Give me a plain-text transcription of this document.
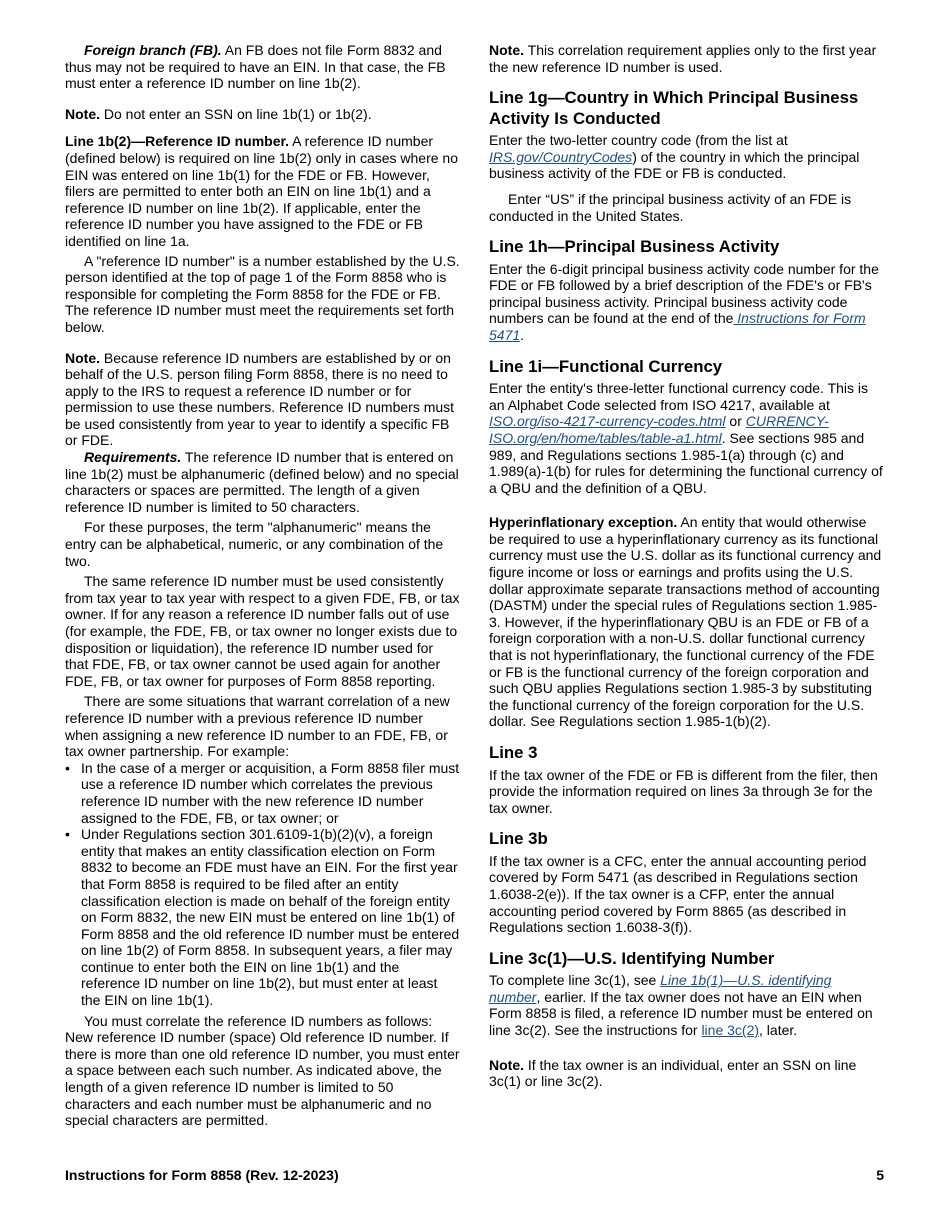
Foreign branch (FB). An FB does not file Form 8832 and thus may not be required to have an EIN. In that case, the FB must enter a reference ID number on line 1b(2).

Note. Do not enter an SSN on line 1b(1) or 1b(2).

Line 1b(2)—Reference ID number. A reference ID number (defined below) is required on line 1b(2) only in cases where no EIN was entered on line 1b(1) for the FDE or FB. However, filers are permitted to enter both an EIN on line 1b(1) and a reference ID number on line 1b(2). If applicable, enter the reference ID number you have assigned to the FDE or FB identified on line 1a.

A "reference ID number" is a number established by the U.S. person identified at the top of page 1 of the Form 8858 who is responsible for completing the Form 8858 for the FDE or FB. The reference ID number must meet the requirements set forth below.

Note. Because reference ID numbers are established by or on behalf of the U.S. person filing Form 8858, there is no need to apply to the IRS to request a reference ID number or for permission to use these numbers. Reference ID numbers must be used consistently from year to year to identify a specific FB or FDE.

Requirements. The reference ID number that is entered on line 1b(2) must be alphanumeric (defined below) and no special characters or spaces are permitted. The length of a given reference ID number is limited to 50 characters.

For these purposes, the term "alphanumeric" means the entry can be alphabetical, numeric, or any combination of the two.

The same reference ID number must be used consistently from tax year to tax year with respect to a given FDE, FB, or tax owner. If for any reason a reference ID number falls out of use (for example, the FDE, FB, or tax owner no longer exists due to disposition or liquidation), the reference ID number used for that FDE, FB, or tax owner cannot be used again for another FDE, FB, or tax owner for purposes of Form 8858 reporting.

There are some situations that warrant correlation of a new reference ID number with a previous reference ID number when assigning a new reference ID number to an FDE, FB, or tax owner partnership. For example:

• In the case of a merger or acquisition, a Form 8858 filer must use a reference ID number which correlates the previous reference ID number with the new reference ID number assigned to the FDE, FB, or tax owner; or
• Under Regulations section 301.6109-1(b)(2)(v), a foreign entity that makes an entity classification election on Form 8832 to become an FDE must have an EIN. For the first year that Form 8858 is required to be filed after an entity classification election is made on behalf of the foreign entity on Form 8832, the new EIN must be entered on line 1b(1) of Form 8858 and the old reference ID number must be entered on line 1b(2) of Form 8858. In subsequent years, a filer may continue to enter both the EIN on line 1b(1) and the reference ID number on line 1b(2), but must enter at least the EIN on line 1b(1).

You must correlate the reference ID numbers as follows: New reference ID number (space) Old reference ID number. If there is more than one old reference ID number, you must enter a space between each such number. As indicated above, the length of a given reference ID number is limited to 50 characters and each number must be alphanumeric and no special characters are permitted.

Note. This correlation requirement applies only to the first year the new reference ID number is used.

Line 1g—Country in Which Principal Business Activity Is Conducted

Enter the two-letter country code (from the list at IRS.gov/CountryCodes) of the country in which the principal business activity of the FDE or FB is conducted.

Enter “US” if the principal business activity of an FDE is conducted in the United States.

Line 1h—Principal Business Activity

Enter the 6-digit principal business activity code number for the FDE or FB followed by a brief description of the FDE's or FB's principal business activity. Principal business activity code numbers can be found at the end of the Instructions for Form 5471.

Line 1i—Functional Currency

Enter the entity's three-letter functional currency code. This is an Alphabet Code selected from ISO 4217, available at ISO.org/iso-4217-currency-codes.html or CURRENCY-ISO.org/en/home/tables/table-a1.html. See sections 985 and 989, and Regulations sections 1.985-1(a) through (c) and 1.989(a)-1(b) for rules for determining the functional currency of a QBU and the definition of a QBU.

Hyperinflationary exception. An entity that would otherwise be required to use a hyperinflationary currency as its functional currency must use the U.S. dollar as its functional currency and figure income or loss or earnings and profits using the U.S. dollar approximate separate transactions method of accounting (DASTM) under the special rules of Regulations section 1.985-3. However, if the hyperinflationary QBU is an FDE or FB of a foreign corporation with a non-U.S. dollar functional currency that is not hyperinflationary, the functional currency of the FDE or FB is the functional currency of the foreign corporation and such QBU applies Regulations section 1.985-3 by substituting the functional currency of the foreign corporation for the U.S. dollar. See Regulations section 1.985-1(b)(2).

Line 3

If the tax owner of the FDE or FB is different from the filer, then provide the information required on lines 3a through 3e for the tax owner.

Line 3b

If the tax owner is a CFC, enter the annual accounting period covered by Form 5471 (as described in Regulations section 1.6038-2(e)). If the tax owner is a CFP, enter the annual accounting period covered by Form 8865 (as described in Regulations section 1.6038-3(f)).

Line 3c(1)—U.S. Identifying Number

To complete line 3c(1), see Line 1b(1)—U.S. identifying number, earlier. If the tax owner does not have an EIN when Form 8858 is filed, a reference ID number must be entered on line 3c(2). See the instructions for line 3c(2), later.

Note. If the tax owner is an individual, enter an SSN on line 3c(1) or line 3c(2).

Instructions for Form 8858 (Rev. 12-2023)	5
